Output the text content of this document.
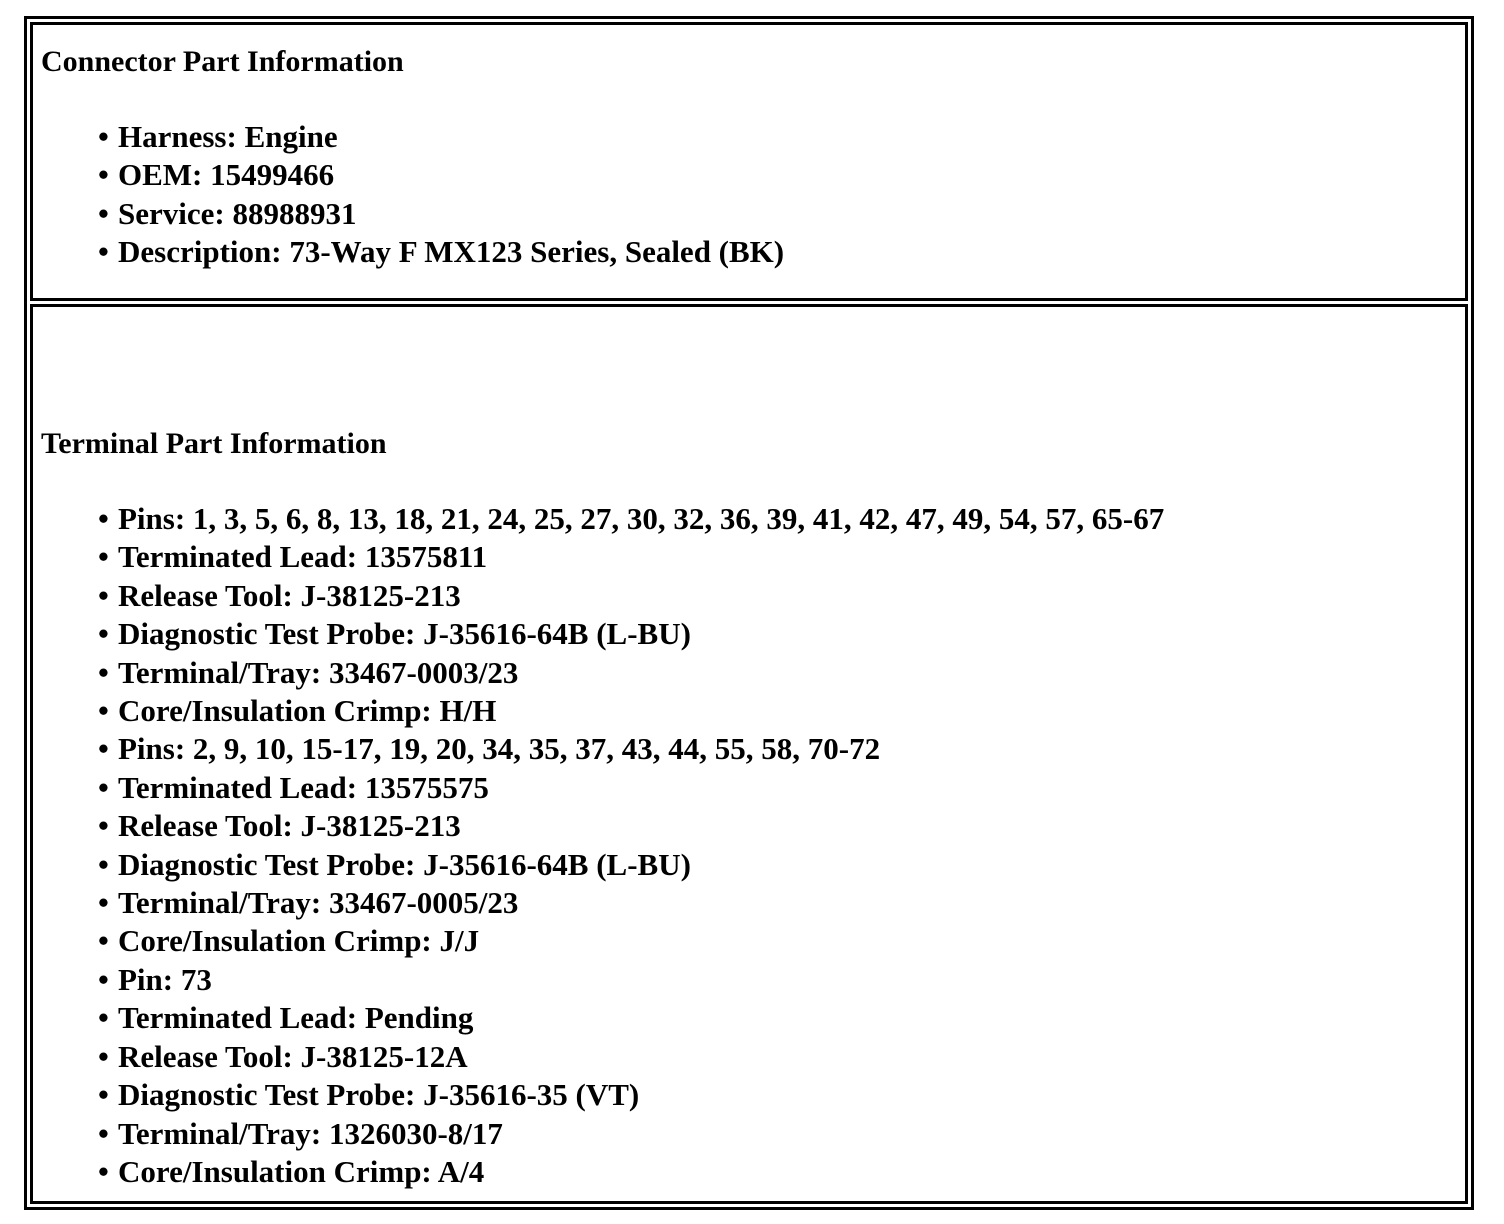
Connector Part Information
• Harness: Engine
• OEM: 15499466
• Service: 88988931
• Description: 73-Way F MX123 Series, Sealed (BK)
Terminal Part Information
• Pins: 1, 3, 5, 6, 8, 13, 18, 21, 24, 25, 27, 30, 32, 36, 39, 41, 42, 47, 49, 54, 57, 65-67
• Terminated Lead: 13575811
• Release Tool: J-38125-213
• Diagnostic Test Probe: J-35616-64B (L-BU)
• Terminal/Tray: 33467-0003/23
• Core/Insulation Crimp: H/H
• Pins: 2, 9, 10, 15-17, 19, 20, 34, 35, 37, 43, 44, 55, 58, 70-72
• Terminated Lead: 13575575
• Release Tool: J-38125-213
• Diagnostic Test Probe: J-35616-64B (L-BU)
• Terminal/Tray: 33467-0005/23
• Core/Insulation Crimp: J/J
• Pin: 73
• Terminated Lead: Pending
• Release Tool: J-38125-12A
• Diagnostic Test Probe: J-35616-35 (VT)
• Terminal/Tray: 1326030-8/17
• Core/Insulation Crimp: A/4
